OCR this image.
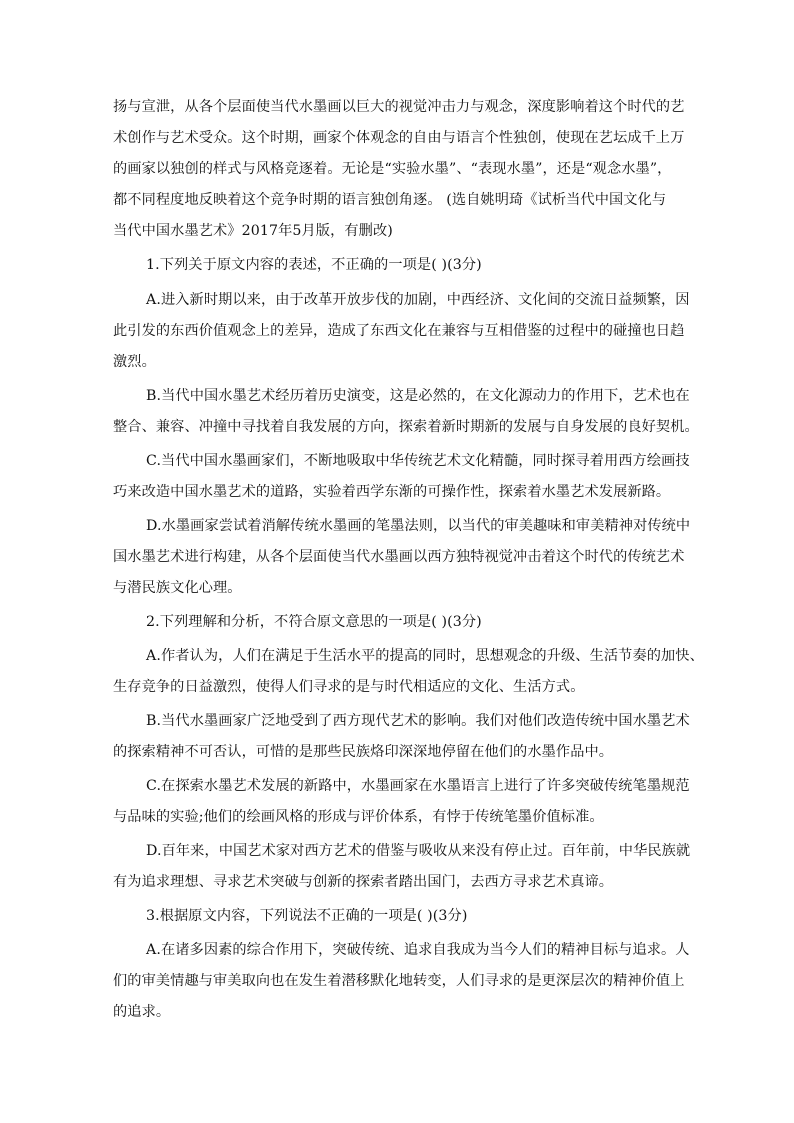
扬与宣泄，从各个层面使当代水墨画以巨大的视觉冲击力与观念，深度影响着这个时代的艺
术创作与艺术受众。这个时期，画家个体观念的自由与语言个性独创，使现在艺坛成千上万
的画家以独创的样式与风格竞逐着。无论是“实验水墨”、“表现水墨”，还是“观念水墨”，
都不同程度地反映着这个竞争时期的语言独创角逐。 (选自姚明琦《试析当代中国文化与
当代中国水墨艺术》2017年5月版，有删改)
1.下列关于原文内容的表述，不正确的一项是( )(3分)
A.进入新时期以来，由于改革开放步伐的加剧，中西经济、文化间的交流日益频繁，因
此引发的东西价值观念上的差异，造成了东西文化在兼容与互相借鉴的过程中的碰撞也日趋
激烈。
B.当代中国水墨艺术经历着历史演变，这是必然的，在文化源动力的作用下，艺术也在
整合、兼容、冲撞中寻找着自我发展的方向，探索着新时期新的发展与自身发展的良好契机。
C.当代中国水墨画家们，不断地吸取中华传统艺术文化精髓，同时探寻着用西方绘画技
巧来改造中国水墨艺术的道路，实验着西学东渐的可操作性，探索着水墨艺术发展新路。
D.水墨画家尝试着消解传统水墨画的笔墨法则，以当代的审美趣味和审美精神对传统中
国水墨艺术进行构建，从各个层面使当代水墨画以西方独特视觉冲击着这个时代的传统艺术
与潜民族文化心理。
2.下列理解和分析，不符合原文意思的一项是( )(3分)
A.作者认为，人们在满足于生活水平的提高的同时，思想观念的升级、生活节奏的加快、
生存竞争的日益激烈，使得人们寻求的是与时代相适应的文化、生活方式。
B.当代水墨画家广泛地受到了西方现代艺术的影响。我们对他们改造传统中国水墨艺术
的探索精神不可否认，可惜的是那些民族烙印深深地停留在他们的水墨作品中。
C.在探索水墨艺术发展的新路中，水墨画家在水墨语言上进行了许多突破传统笔墨规范
与品味的实验;他们的绘画风格的形成与评价体系，有悖于传统笔墨价值标准。
D.百年来，中国艺术家对西方艺术的借鉴与吸收从来没有停止过。百年前，中华民族就
有为追求理想、寻求艺术突破与创新的探索者踏出国门，去西方寻求艺术真谛。
3.根据原文内容，下列说法不正确的一项是( )(3分)
A.在诸多因素的综合作用下，突破传统、追求自我成为当今人们的精神目标与追求。人
们的审美情趣与审美取向也在发生着潜移默化地转变，人们寻求的是更深层次的精神价值上
的追求。
